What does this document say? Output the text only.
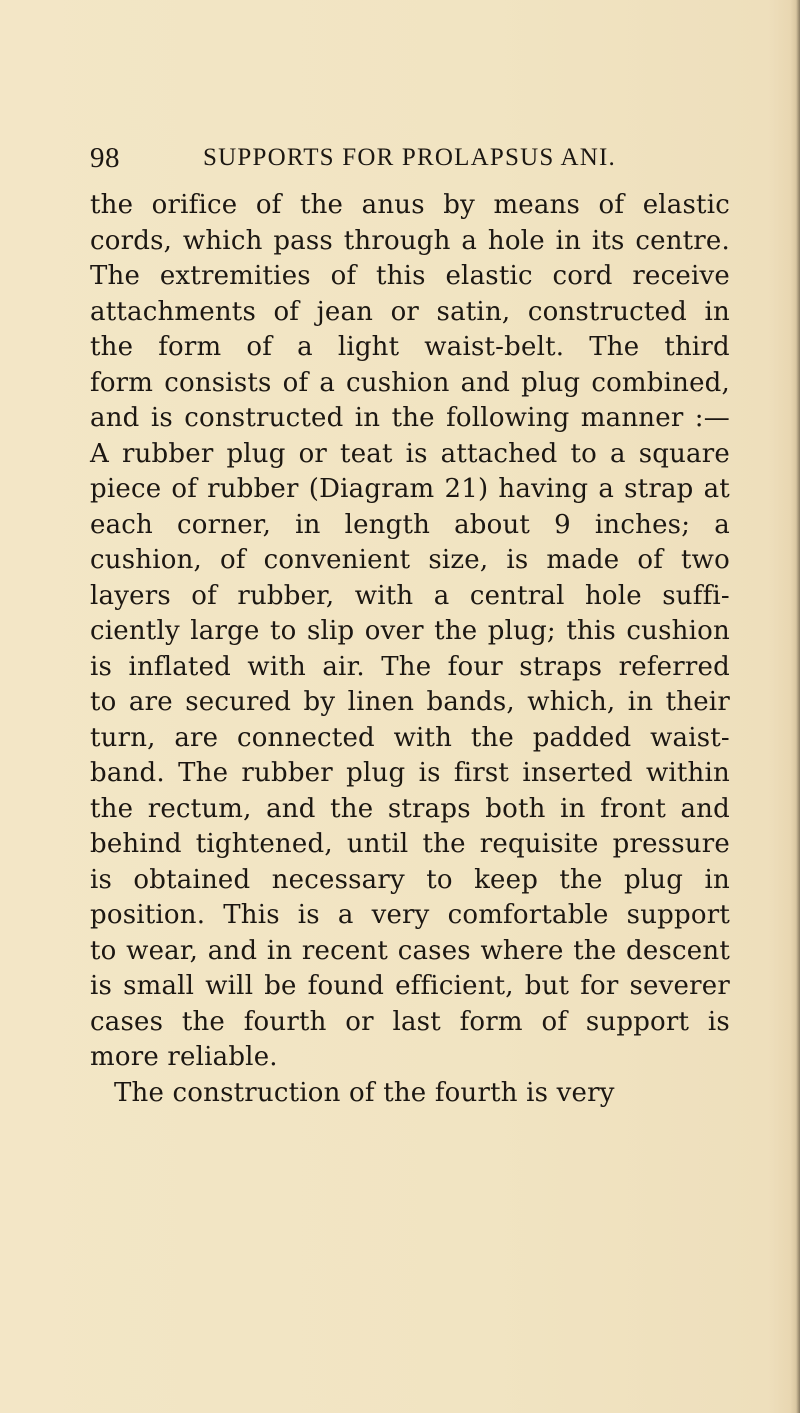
98	SUPPORTS FOR PROLAPSUS ANI.
the orifice of the anus by means of elastic
cords, which pass through a hole in its centre.
The extremities of this elastic cord receive
attachments of jean or satin, constructed in
the form of a light waist-belt. The third
form consists of a cushion and plug combined,
and is constructed in the following manner :—
A rubber plug or teat is attached to a square
piece of rubber (Diagram 21) having a strap at
each corner, in length about 9 inches; a
cushion, of convenient size, is made of two
layers of rubber, with a central hole suffi-
ciently large to slip over the plug; this cushion
is inflated with air. The four straps referred
to are secured by linen bands, which, in their
turn, are connected with the padded waist-
band. The rubber plug is first inserted within
the rectum, and the straps both in front and
behind tightened, until the requisite pressure
is obtained necessary to keep the plug in
position. This is a very comfortable support
to wear, and in recent cases where the descent
is small will be found efficient, but for severer
cases the fourth or last form of support is
more reliable.
The construction of the fourth is very
